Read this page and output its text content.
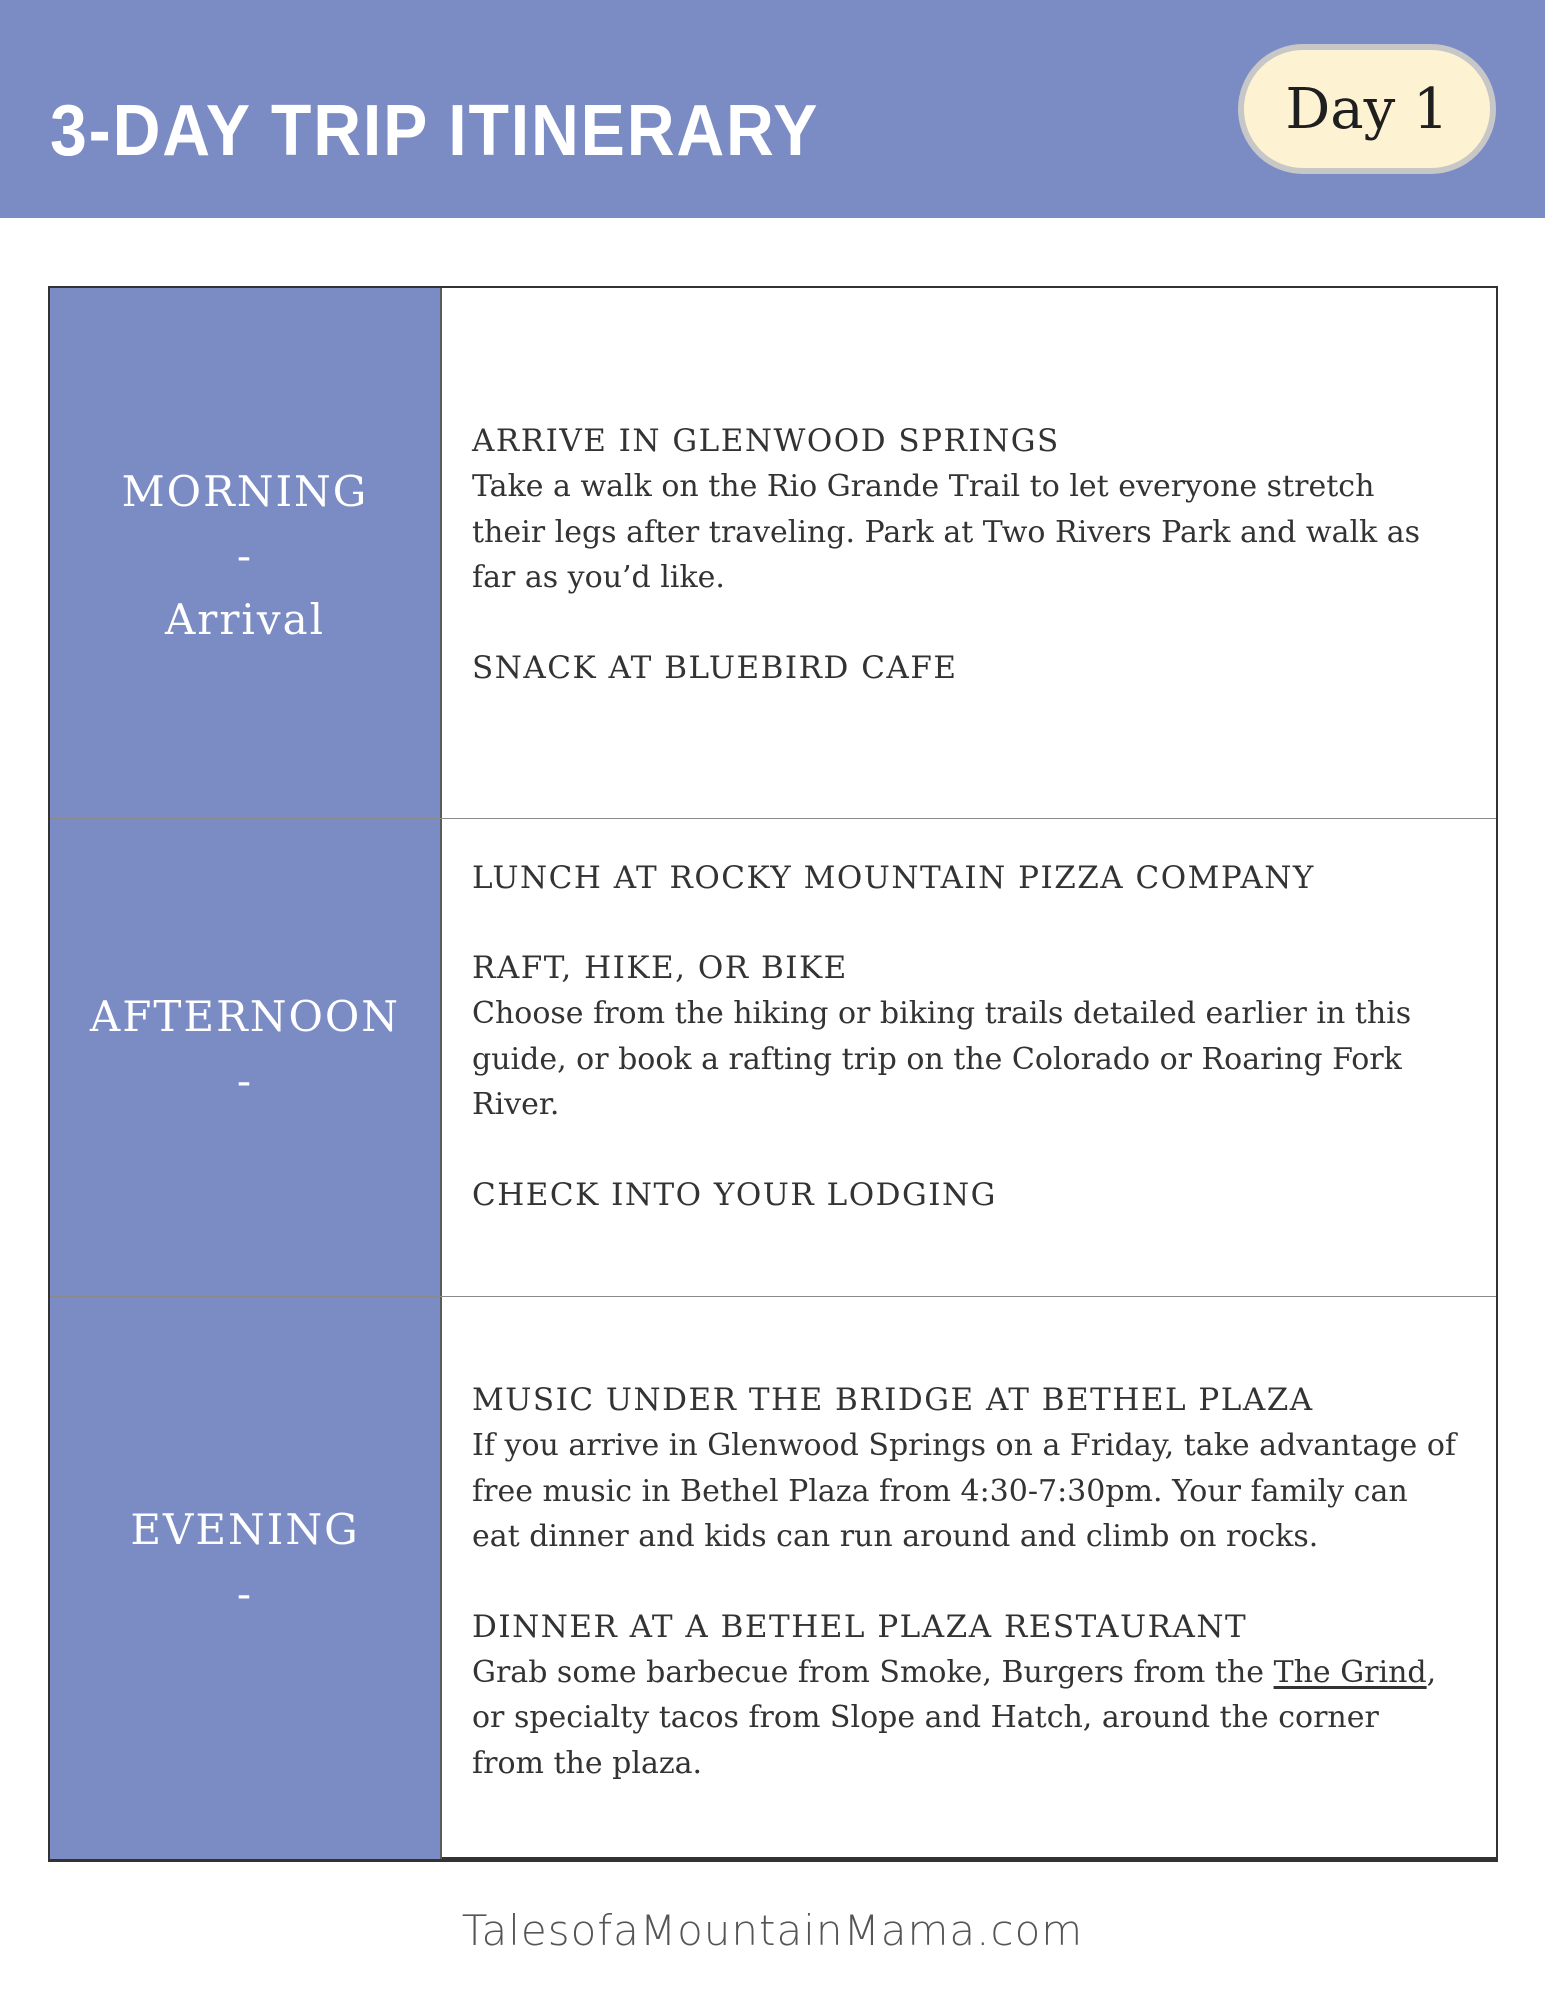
3-DAY TRIP ITINERARY	Day 1
MORNING
-
Arrival
ARRIVE IN GLENWOOD SPRINGS
Take a walk on the Rio Grande Trail to let everyone stretch their legs after traveling. Park at Two Rivers Park and walk as far as you’d like.
SNACK AT BLUEBIRD CAFE
AFTERNOON
-
LUNCH AT ROCKY MOUNTAIN PIZZA COMPANY
RAFT, HIKE, OR BIKE
Choose from the hiking or biking trails detailed earlier in this guide, or book a rafting trip on the Colorado or Roaring Fork River.
CHECK INTO YOUR LODGING
EVENING
-
MUSIC UNDER THE BRIDGE AT BETHEL PLAZA
If you arrive in Glenwood Springs on a Friday, take advantage of free music in Bethel Plaza from 4:30-7:30pm. Your family can eat dinner and kids can run around and climb on rocks.
DINNER AT A BETHEL PLAZA RESTAURANT
Grab some barbecue from Smoke, Burgers from the The Grind, or specialty tacos from Slope and Hatch, around the corner from the plaza.
TalesofaMountainMama.com
